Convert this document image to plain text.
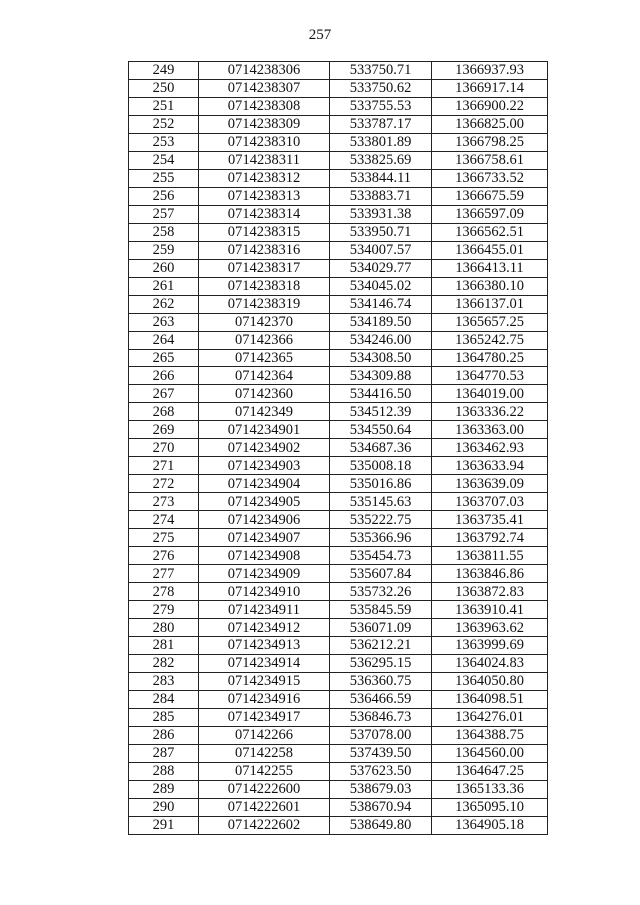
257
249	0714238306	533750.71	1366937.93
250	0714238307	533750.62	1366917.14
251	0714238308	533755.53	1366900.22
252	0714238309	533787.17	1366825.00
253	0714238310	533801.89	1366798.25
254	0714238311	533825.69	1366758.61
255	0714238312	533844.11	1366733.52
256	0714238313	533883.71	1366675.59
257	0714238314	533931.38	1366597.09
258	0714238315	533950.71	1366562.51
259	0714238316	534007.57	1366455.01
260	0714238317	534029.77	1366413.11
261	0714238318	534045.02	1366380.10
262	0714238319	534146.74	1366137.01
263	07142370	534189.50	1365657.25
264	07142366	534246.00	1365242.75
265	07142365	534308.50	1364780.25
266	07142364	534309.88	1364770.53
267	07142360	534416.50	1364019.00
268	07142349	534512.39	1363336.22
269	0714234901	534550.64	1363363.00
270	0714234902	534687.36	1363462.93
271	0714234903	535008.18	1363633.94
272	0714234904	535016.86	1363639.09
273	0714234905	535145.63	1363707.03
274	0714234906	535222.75	1363735.41
275	0714234907	535366.96	1363792.74
276	0714234908	535454.73	1363811.55
277	0714234909	535607.84	1363846.86
278	0714234910	535732.26	1363872.83
279	0714234911	535845.59	1363910.41
280	0714234912	536071.09	1363963.62
281	0714234913	536212.21	1363999.69
282	0714234914	536295.15	1364024.83
283	0714234915	536360.75	1364050.80
284	0714234916	536466.59	1364098.51
285	0714234917	536846.73	1364276.01
286	07142266	537078.00	1364388.75
287	07142258	537439.50	1364560.00
288	07142255	537623.50	1364647.25
289	0714222600	538679.03	1365133.36
290	0714222601	538670.94	1365095.10
291	0714222602	538649.80	1364905.18
